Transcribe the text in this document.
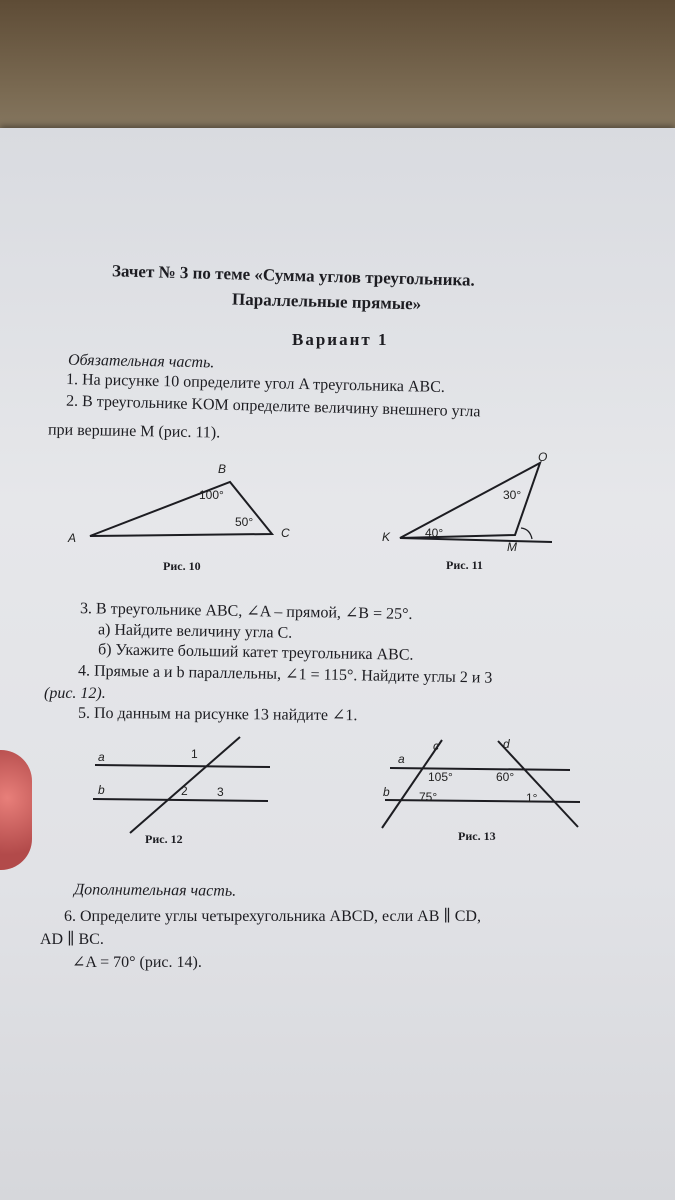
Зачет № 3 по теме «Сумма углов треугольника.
Параллельные прямые»
Вариант 1
Обязательная часть.
1. На рисунке 10 определите угол A треугольника ABC.
2. В треугольнике KOM определите величину внешнего угла
при вершине M (рис. 11).
B
A	C
100°
50°
Рис. 10
O
K
M
30°
40°
Рис. 11
3. В треугольнике ABC, ∠A – прямой, ∠B = 25°.
а) Найдите величину угла C.
б) Укажите больший катет треугольника ABC.
4. Прямые a и b параллельны, ∠1 = 115°. Найдите углы 2 и 3
(рис. 12).
5. По данным на рисунке 13 найдите ∠1.
a
b
1
2 3
Рис. 12
c	d
a
b
105°	60°
75°	1°
Рис. 13
Дополнительная часть.
6. Определите углы четырехугольника ABCD, если AB ∥ CD,
AD ∥ BC.
∠A = 70° (рис. 14).
